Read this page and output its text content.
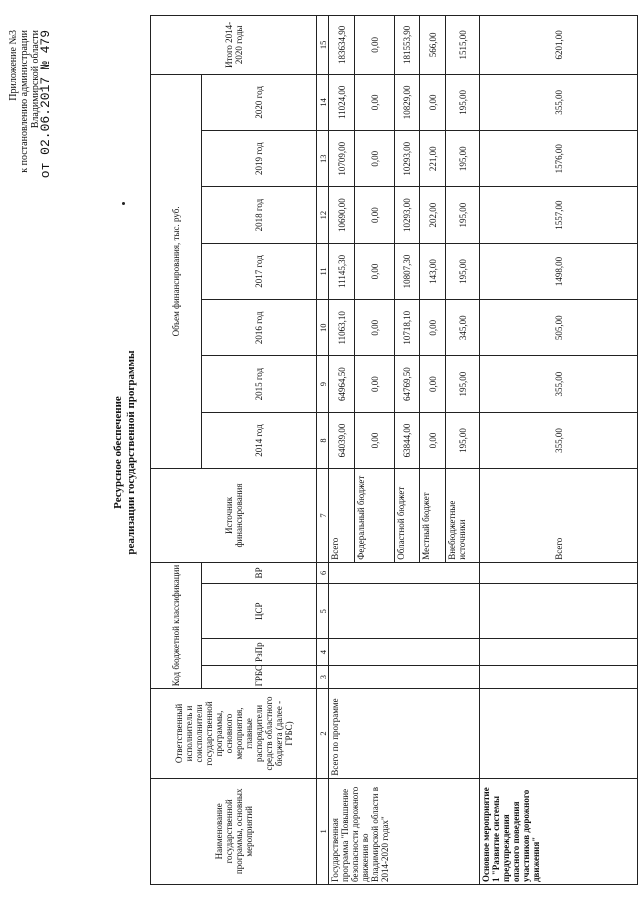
Приложение №3 к постановлению администрации Владимирской области
от 02.06.2017 № 479
Ресурсное обеспечение реализации государственной программы
Наименование государственной программы, основных мероприятий	Ответственный исполнитель и соисполнители государственной программы, основного мероприятия, главные распорядители средств областного бюджета (далее - ГРБС)	Код бюджетной классификации				Источник финансирования	Объем финансирования, тыс. руб.							Итого 2014-2020 годы
		ГРБС	РзПр	ЦСР	ВР		2014 год	2015 год	2016 год	2017 год	2018 год	2019 год	2020 год	
1	2	3	4	5	6	7	8	9	10	11	12	13	14	15
Государственная программа "Повышение безопасности дорожного движения во Владимирской области в 2014-2020 годах"	Всего по программе					Всего	64039,00	64964,50	11063,10	11145,30	10690,00	10709,00	11024,00	183634,90
						Федеральный бюджет	0,00	0,00	0,00	0,00	0,00	0,00	0,00	0,00
						Областной бюджет	63844,00	64769,50	10718,10	10807,30	10293,00	10293,00	10829,00	181553,90
						Местный бюджет	0,00	0,00	0,00	143,00	202,00	221,00	0,00	566,00
						Внебюджетные источники	195,00	195,00	345,00	195,00	195,00	195,00	195,00	1515,00
Основное мероприятие 1 "Развитие системы предупреждения опасного поведения участников дорожного движения"						Всего	355,00	355,00	505,00	1498,00	1557,00	1576,00	355,00	6201,00
